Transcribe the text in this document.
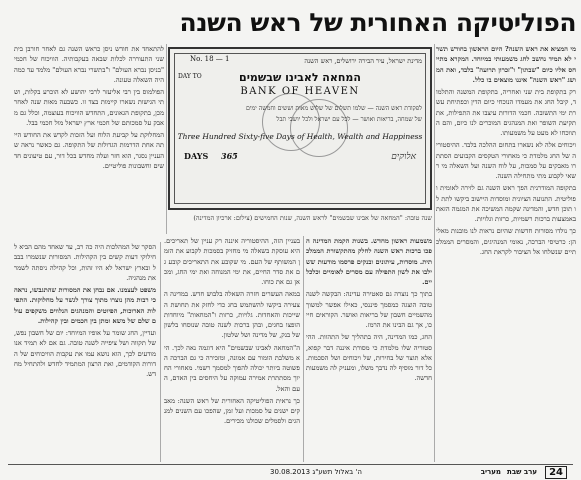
הפוליטיקה האחורית של ראש השנה

מי המציא את ראש השנה? היום הראשון בחודש תשרי לא תמיד נחשב לחג משמעותי במיוחד. המקרא מתייחס אליו כיום "שבתון" ו"זכרון תרועה" בלבד, ואת המושג "ראש השנה" איננו מוצאים בו כלל.

רק בתקופת בית שני ואחריה, בתקופת המשנה והתלמוד, קיבל החג את מעמדו הנוכחי כיום הדין וכפתיחת עשרת ימי התשובה. חכמי הדורות עיצבו את התפילות, את תקיעת השופר ואת המנהגים המוכרים לנו כיום, והם התווכחו לא מעט על משמעותו.

ויכוחים אלה לא נשארו בתחום ההלכה בלבד. ההיסטוריה של החג מלמדת כי מאחורי הטקסים הקבועים הסתתרו מאבקים על סמכות, על לוח השנה ועל השאלה מי רשאי לקבוע מתי מתחילה השנה.

בתקופה המודרנית הפך ראש השנה גם לזירה לאומית ופוליטית. התנועה הציונית ומוסדות היישוב ביקשו לתת לו תוכן חדש, והמדינה שקמה המשיכה את המגמה הזאת באמצעות ברכות רשמיות, כרזות וגלויות.

כך נולדו מסורות חדשות שהיום נראות לנו מובנות מאליהן: כרטיסי הברכה, נאומי המנהיגים, והמסרים הממלכתיים שנשלחו אל הציבור לקראת החג.

מדינת ישראל, עיר הבירה ירושלים, ראש השנה
No. 18 — 1
DAY TO	המחאה לאבינו שבשמים
BANK OF HEAVEN
לפקודת ראש השנה — שלמו תשלום של שלוש מאות וששים וחמשה ימים
של שמחה, בריאות ואושר — לכל עם ישראל ולכל יושבי תבל
Three Hundred Sixty-five Days of Health, Wealth and Happiness
DAYS 365	אלוקים
שנה טובה: "המחאה של אבינו שבשמים" לראש השנה, שנות החמישים (צילום: ארכיון המדינה)

להתאחד את חודש ניסן כראש השנה גם לאחר חורבן בית שני התעוררה לכלות שבאה בעקבותיה. הוויכוח של חכמי "בניסן נברא העולם" ו"בתשרי נברא העולם" מלמד עד כמה היה השאלה טעונה.

הפולמוס בין רבי אליעזר לרבי יהושע לא הוכרע בקלות, ושתי הגישות נשארו קיימות בצד זו. כשבעה מאות שנה לאחר מכן, בתקופת הגאונים, התחדש הוויכוח בעוצמה, וכלל גם מאבק על סמכותם של חכמי ארץ ישראל מול חכמי בבל.

המחלוקת על קביעת הלוח ועל הזכות לקדש את החודש הייתה אחת הדרמות הגדולות של התקופה. גם כאשר נראה שהעניין נסגר, הוא חזר ועלה מחדש בכל דור, עם טיעונים חדשים וחשבונות פוליטיים.

משמעות ראשון מחדש. בשנות הקמת המדינה הפכו ברכות ראש השנה לחלק מהתקשורת הממלכתית. מוסדות, עיתונים ובנקים פרסמו מודעות ששילבו את לשון התפילה עם מסרים לאומיים וכלכליים.

בתוך כך נוצרה גם סאטירה עדינה: הבקשה לשנה טובה הוצגה כמסמך פיננסי, כאילו אפשר למשוך מהשמיים חשבון של בריאות ואושר. הקוראים חייכו, אך גם הבינו את הרמז.

החג, כמו המדינה, היה בתהליך של התהוות. ההיסטוריה שלו מלמדת כי מסורת איננה דבר קפוא, אלא תוצר של בחירות, של ויכוחים ושל הסכמות. כל דור מוסיף לה נדבך משלו, ומעניק לה משמעות חדשה.

בעניין הזה, ההיסטוריה איננה רק עניין של תאריכים. היא עוסקת בשאלה מי מחזיק בסמכות לקבוע את הזמן המשותף של העם. מי שקובע את התאריכים קובע גם את סדר החיים, את ימי המנוחה ואת ימי החג, ומכאן גם את כוחו.

במאה העשרים חזרה השאלה בלבוש חדש. במדינה הצעירה ביקשו להשתמש בחג כדי לחזק את תחושת השייכות והאחדות. גלויות, כרזות ו"המחאות" מיוחדות הופצו בחגים, ובהן ברכות לשנה טובה שנוסחו בלשון של בנק, של מדינה ושל שלטון.

ה"המחאה לאבינו שבשמים" היא דוגמה נאה לכך. היא משלבת הומור עם אמונה, ומזכירה כי גם הברכה הפשוטה ביותר יכולה להפוך למסמך רשמי. מאחורי החיוך מסתתרת אמירה עמוקה על היחסים בין האדם, העם והאל.

כך נראית הפוליטיקה האחורית של ראש השנה: מאבקים ישנים על סמכות ועל זמן, שהפכו עם השנים למנהגים ולסמלים שכולנו מכירים.

הסקר של המהלכות היה כה רב, עד שאחד מהם הביא לחילוקי דעות קשים בין הקהילות. המסורות שנשמרו בבבל ובארץ ישראל לא היו זהות, וכל קהילה ניסתה לשמר את מנהגיה.

משפט לעצמנו. אם נבחן את המסורות שהתגבשו, נראה כי רבות מהן נוצרו מתוך צורך לגשר על מחלוקות. התפילות הארוכות, הפיוטים והמנהגים הנלווים משקפים עולם שלם של משא ומתן בין חכמים ובין קהילות.

ועדיין, החג שומר על אופיו המיוחד: יום של חשבון נפש, של תקווה ושל ציפייה לשנה טובה. גם אם לא תמיד אנו מודעים לכך, הוא נושא עמו את עקבות הוויכוחים של הדורות הקודמים, ואת הרצון המתמיד לחדש ולהתחיל מחדש.

24
ערב שבת
מעריב
ה' באלול תשע"ג 30.08.2013
